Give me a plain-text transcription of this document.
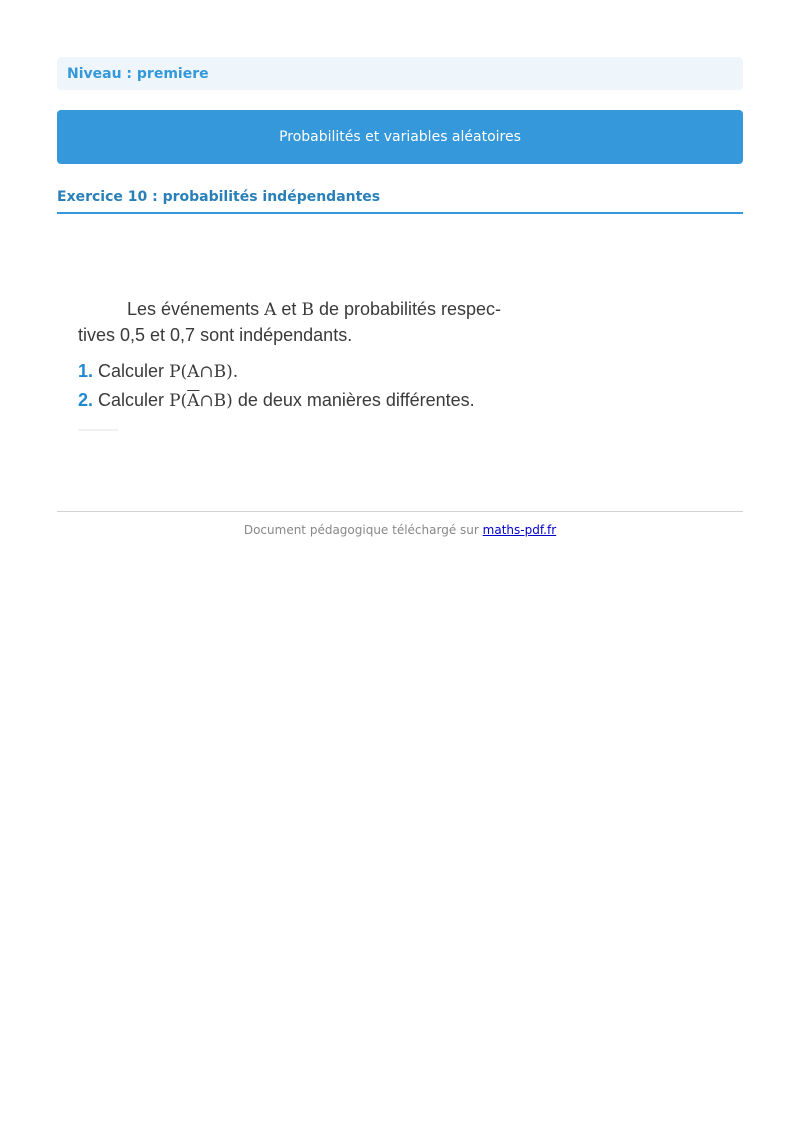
Niveau : premiere
Probabilités et variables aléatoires
Exercice 10 : probabilités indépendantes
Les événements A et B de probabilités respec-
tives 0,5 et 0,7 sont indépendants.
1. Calculer P(A∩B).
2. Calculer $P(\overline{A}\cap B)$ de deux manières différentes.
Document pédagogique téléchargé sur maths-pdf.fr
